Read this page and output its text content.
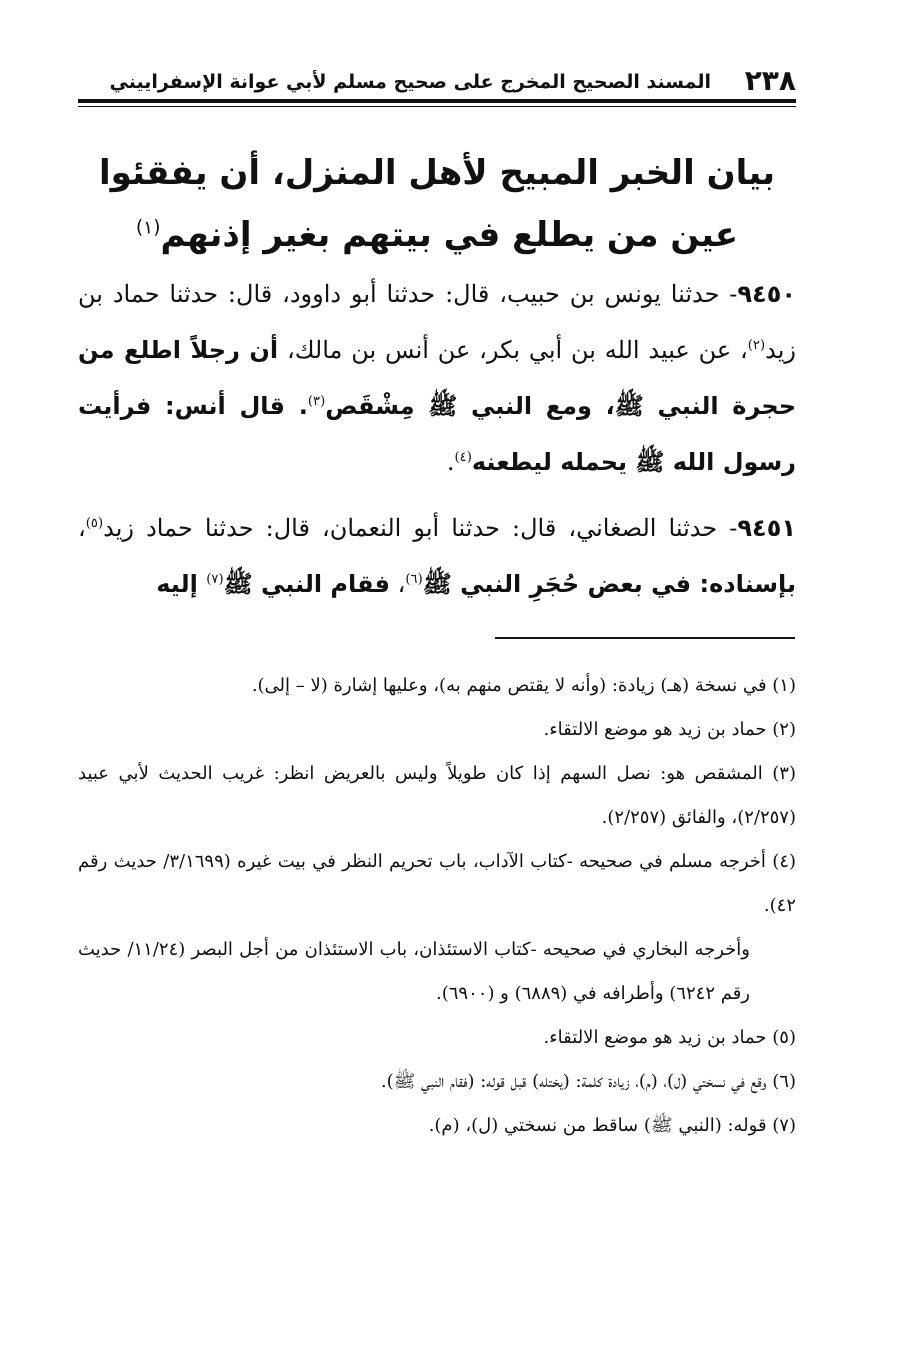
٢٣٨
المسند الصحيح المخرج على صحيح مسلم لأبي عوانة الإسفراييني
بيان الخبر المبيح لأهل المنزل، أن يفقئوا عين من يطلع في بيتهم بغير إذنهم$^{(١)}$

٩٤٥٠- حدثنا يونس بن حبيب، قال: حدثنا أبو داوود، قال: حدثنا حماد بن زيد$^{(٢)}$، عن عبيد الله بن أبي بكر، عن أنس بن مالك، أن رجلاً اطلع من حجرة النبي ﷺ، ومع النبي ﷺ مِشْقَص$^{(٣)}$. قال أنس: فرأيت رسول الله ﷺ يحمله ليطعنه$^{(٤)}$.

٩٤٥١- حدثنا الصغاني، قال: حدثنا أبو النعمان، قال: حدثنا حماد زيد$^{(٥)}$، بإسناده: في بعض حُجَرِ النبي ﷺ$^{(٦)}$، فقام النبي ﷺ$^{(٧)}$ إليه

(١) في نسخة (هـ) زيادة: (وأنه لا يقتص منهم به)، وعليها إشارة (لا – إلى).

(٢) حماد بن زيد هو موضع الالتقاء.

(٣) المشقص هو: نصل السهم إذا كان طويلاً وليس بالعريض انظر: غريب الحديث لأبي عبيد (٢/٢٥٧)، والفائق (٢/٢٥٧).

(٤) أخرجه مسلم في صحيحه -كتاب الآداب، باب تحريم النظر في بيت غيره (٣/١٦٩٩/ حديث رقم ٤٢).

وأخرجه البخاري في صحيحه -كتاب الاستئذان، باب الاستئذان من أجل البصر (١١/٢٤/ حديث رقم ٦٢٤٢) وأطرافه في (٦٨٨٩) و (٦٩٠٠).

(٥) حماد بن زيد هو موضع الالتقاء.

(٦) وقع في نسختي (ل)، (م)، زيادة كلمة: (يختله) قبل قوله: (فقام النبي ﷺ).

(٧) قوله: (النبي ﷺ) ساقط من نسختي (ل)، (م).
